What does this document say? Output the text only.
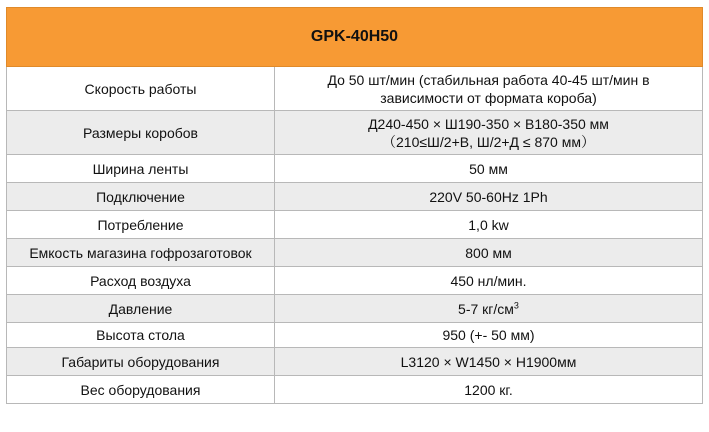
GPK-40H50	
Скорость работы	До 50 шт/мин (стабильная работа 40-45 шт/мин в
зависимости от формата короба)

Размеры коробов	Д240-450 × Ш190-350 × В180-350 мм
（210≤Ш/2+В, Ш/2+Д ≤ 870 мм）

Ширина ленты	50 мм
Подключение	220V 50-60Hz 1Ph
Потребление	1,0 kw
Емкость магазина гофрозаготовок	800 мм
Расход воздуха	450 нл/мин.
Давление	5-7 $кг/см^3$
Высота стола	950 (+- 50 мм)
Габариты оборудования	L3120 × W1450 × H1900мм
Вес оборудования	1200 кг.
